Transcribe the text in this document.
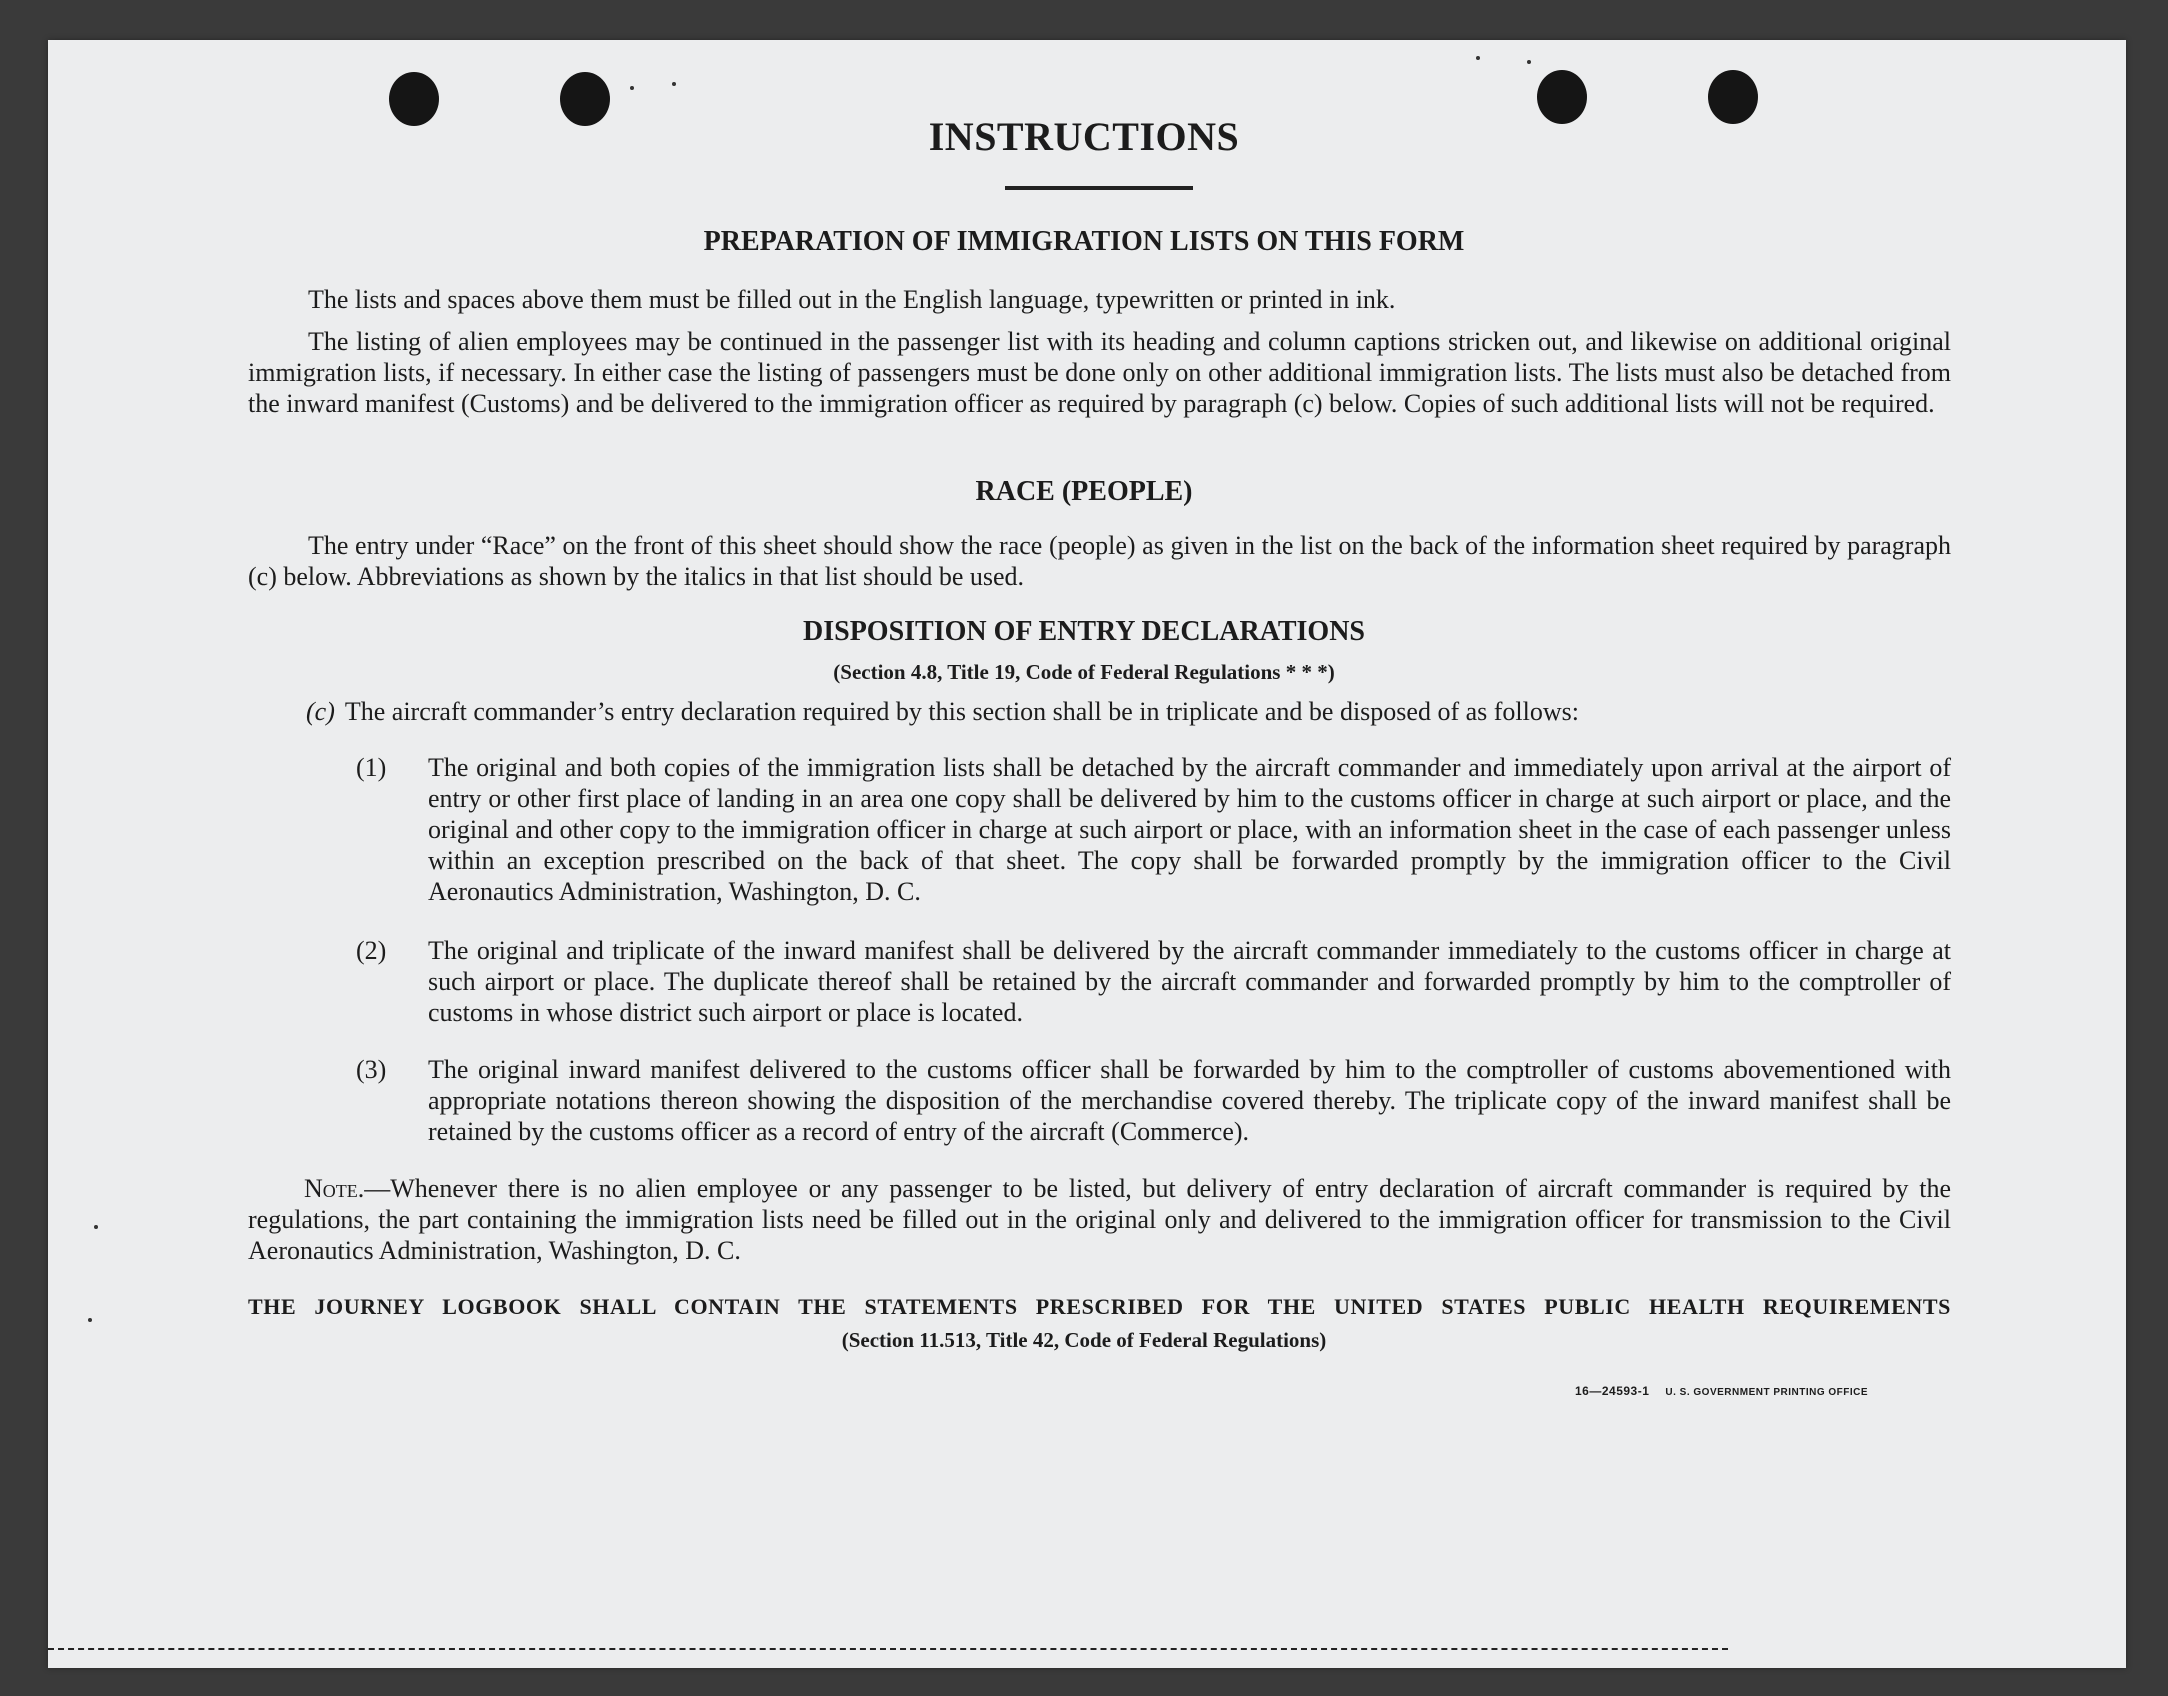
INSTRUCTIONS
PREPARATION OF IMMIGRATION LISTS ON THIS FORM

The lists and spaces above them must be filled out in the English language, typewritten or printed in ink.

The listing of alien employees may be continued in the passenger list with its heading and column captions stricken out, and likewise on additional original immigration lists, if necessary. In either case the listing of passengers must be done only on other additional immigration lists. The lists must also be detached from the inward manifest (Customs) and be delivered to the immigration officer as required by paragraph (c) below. Copies of such additional lists will not be required.

RACE (PEOPLE)

The entry under “Race” on the front of this sheet should show the race (people) as given in the list on the back of the information sheet required by paragraph (c) below. Abbreviations as shown by the italics in that list should be used.

DISPOSITION OF ENTRY DECLARATIONS

(Section 4.8, Title 19, Code of Federal Regulations * * *)

(c) The aircraft commander’s entry declaration required by this section shall be in triplicate and be disposed of as follows:

(1) The original and both copies of the immigration lists shall be detached by the aircraft commander and immediately upon arrival at the airport of entry or other first place of landing in an area one copy shall be delivered by him to the customs officer in charge at such airport or place, and the original and other copy to the immigration officer in charge at such airport or place, with an information sheet in the case of each passenger unless within an exception prescribed on the back of that sheet. The copy shall be forwarded promptly by the immigration officer to the Civil Aeronautics Administration, Washington, D. C.
(2) The original and triplicate of the inward manifest shall be delivered by the aircraft commander immediately to the customs officer in charge at such airport or place. The duplicate thereof shall be retained by the aircraft commander and forwarded promptly by him to the comptroller of customs in whose district such airport or place is located.
(3) The original inward manifest delivered to the customs officer shall be forwarded by him to the comptroller of customs abovementioned with appropriate notations thereon showing the disposition of the merchandise covered thereby. The triplicate copy of the inward manifest shall be retained by the customs officer as a record of entry of the aircraft (Commerce).

Note.—Whenever there is no alien employee or any passenger to be listed, but delivery of entry declaration of aircraft commander is required by the regulations, the part containing the immigration lists need be filled out in the original only and delivered to the immigration officer for transmission to the Civil Aeronautics Administration, Washington, D. C.

THE JOURNEY LOGBOOK SHALL CONTAIN THE STATEMENTS PRESCRIBED FOR THE UNITED STATES PUBLIC HEALTH REQUIREMENTS

(Section 11.513, Title 42, Code of Federal Regulations)

16—24593-1 U. S. GOVERNMENT PRINTING OFFICE
